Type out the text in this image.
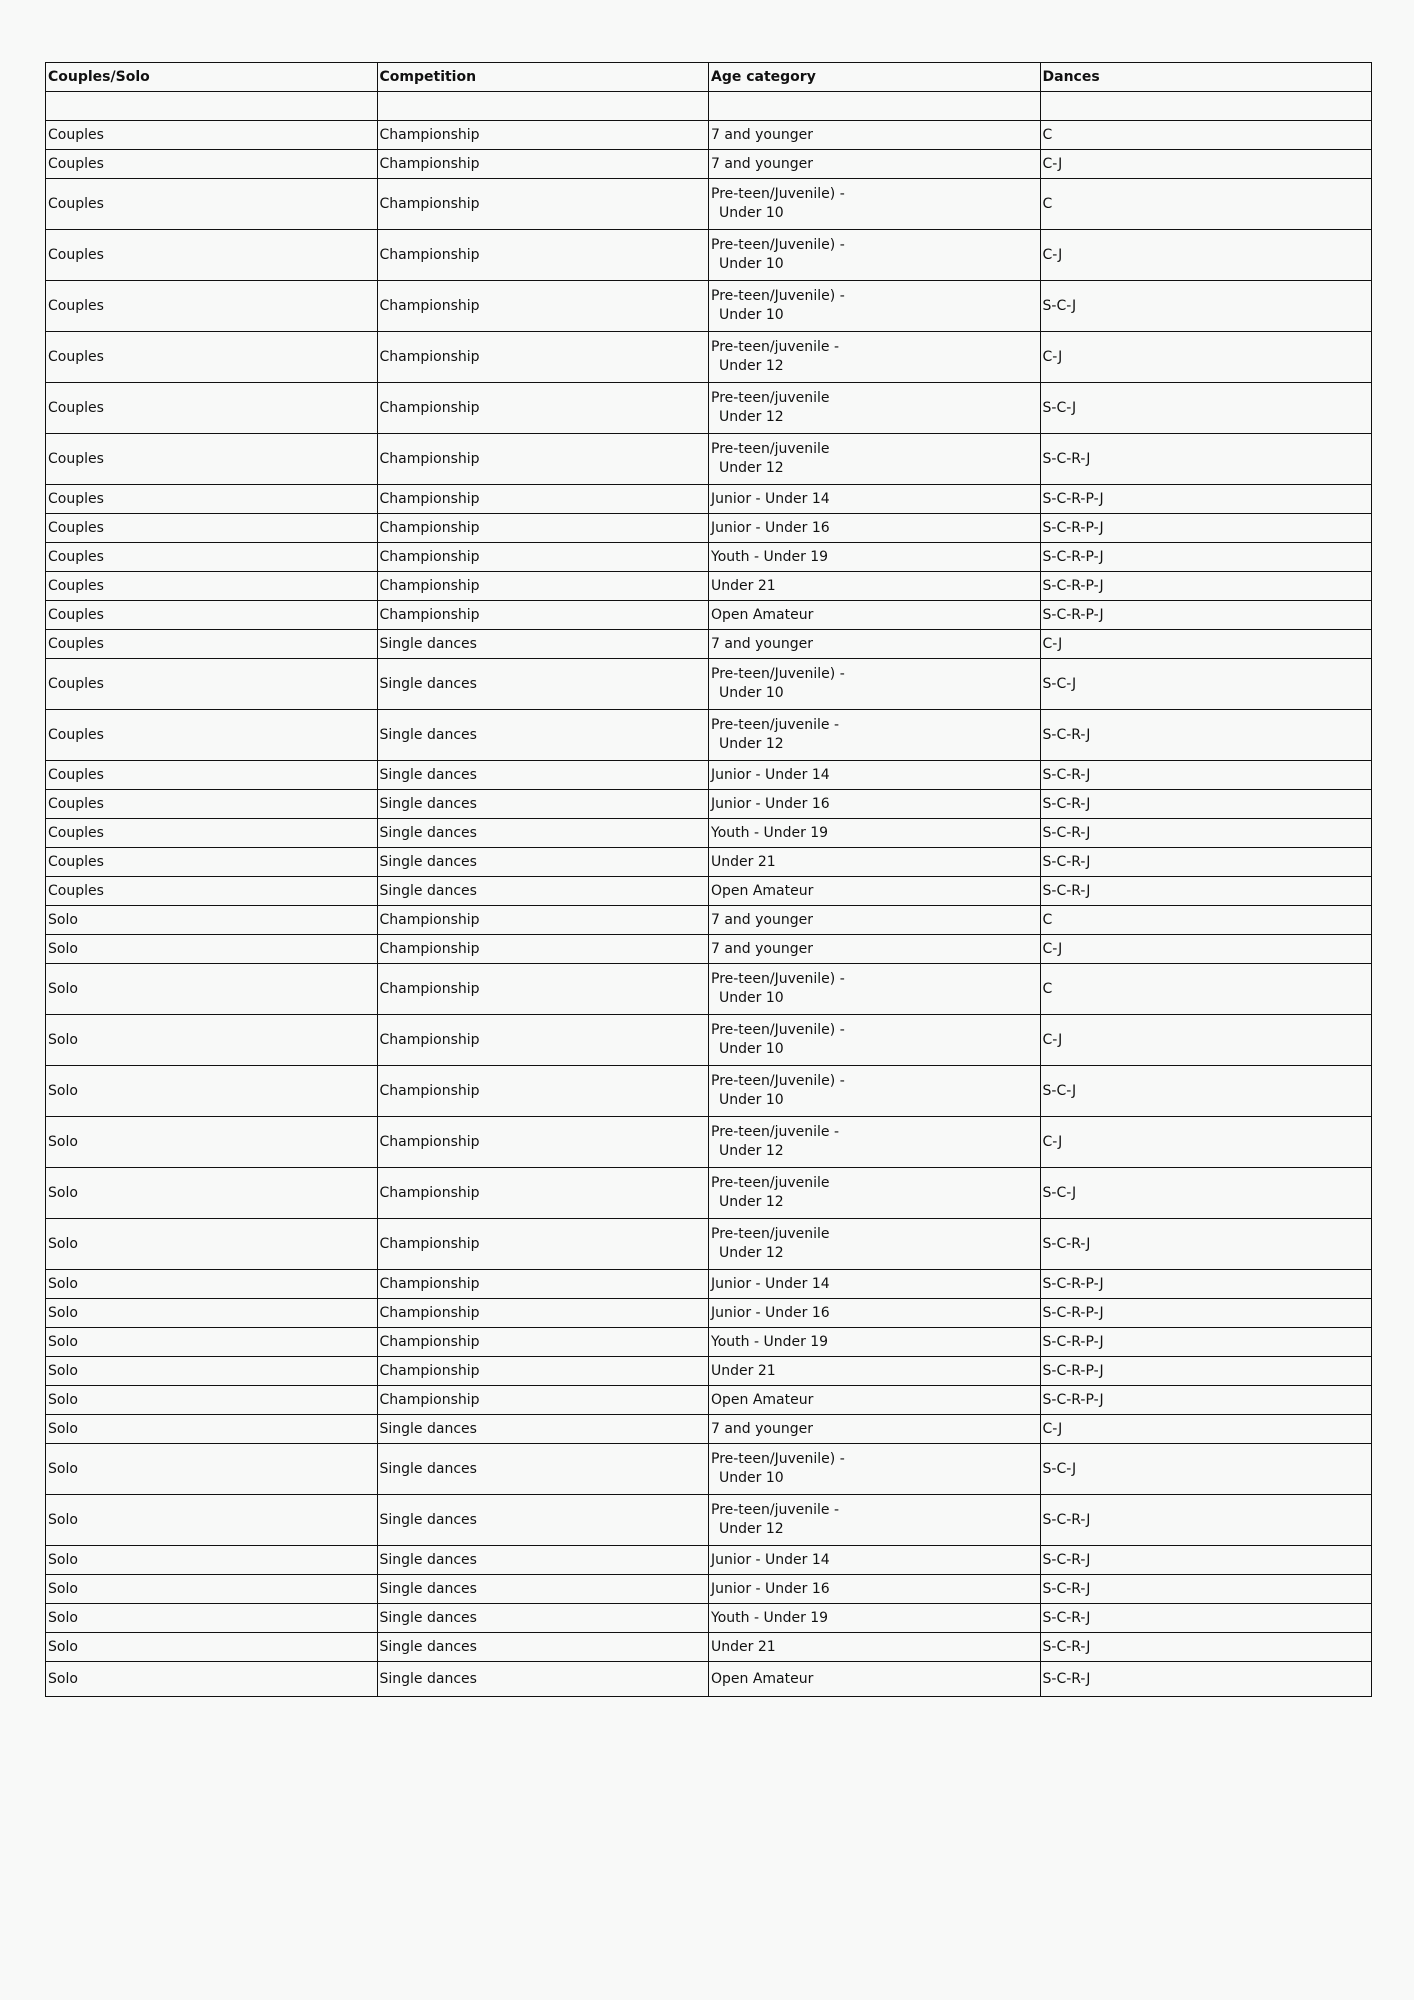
Couples/Solo	Competition	Age category	Dances

Couples	Championship	7 and younger	C
Couples	Championship	7 and younger	C-J
Couples	Championship	Pre-teen/Juvenile) -
Under 10	C
Couples	Championship	Pre-teen/Juvenile) -
Under 10	C-J
Couples	Championship	Pre-teen/Juvenile) -
Under 10	S-C-J
Couples	Championship	Pre-teen/juvenile -
Under 12	C-J
Couples	Championship	Pre-teen/juvenile
Under 12	S-C-J
Couples	Championship	Pre-teen/juvenile
Under 12	S-C-R-J
Couples	Championship	Junior - Under 14	S-C-R-P-J
Couples	Championship	Junior - Under 16	S-C-R-P-J
Couples	Championship	Youth - Under 19	S-C-R-P-J
Couples	Championship	Under 21	S-C-R-P-J
Couples	Championship	Open Amateur	S-C-R-P-J
Couples	Single dances	7 and younger	C-J
Couples	Single dances	Pre-teen/Juvenile) -
Under 10	S-C-J
Couples	Single dances	Pre-teen/juvenile -
Under 12	S-C-R-J
Couples	Single dances	Junior - Under 14	S-C-R-J
Couples	Single dances	Junior - Under 16	S-C-R-J
Couples	Single dances	Youth - Under 19	S-C-R-J
Couples	Single dances	Under 21	S-C-R-J
Couples	Single dances	Open Amateur	S-C-R-J
Solo	Championship	7 and younger	C
Solo	Championship	7 and younger	C-J
Solo	Championship	Pre-teen/Juvenile) -
Under 10	C
Solo	Championship	Pre-teen/Juvenile) -
Under 10	C-J
Solo	Championship	Pre-teen/Juvenile) -
Under 10	S-C-J
Solo	Championship	Pre-teen/juvenile -
Under 12	C-J
Solo	Championship	Pre-teen/juvenile
Under 12	S-C-J
Solo	Championship	Pre-teen/juvenile
Under 12	S-C-R-J
Solo	Championship	Junior - Under 14	S-C-R-P-J
Solo	Championship	Junior - Under 16	S-C-R-P-J
Solo	Championship	Youth - Under 19	S-C-R-P-J
Solo	Championship	Under 21	S-C-R-P-J
Solo	Championship	Open Amateur	S-C-R-P-J
Solo	Single dances	7 and younger	C-J
Solo	Single dances	Pre-teen/Juvenile) -
Under 10	S-C-J
Solo	Single dances	Pre-teen/juvenile -
Under 12	S-C-R-J
Solo	Single dances	Junior - Under 14	S-C-R-J
Solo	Single dances	Junior - Under 16	S-C-R-J
Solo	Single dances	Youth - Under 19	S-C-R-J
Solo	Single dances	Under 21	S-C-R-J
Solo	Single dances	Open Amateur	S-C-R-J
